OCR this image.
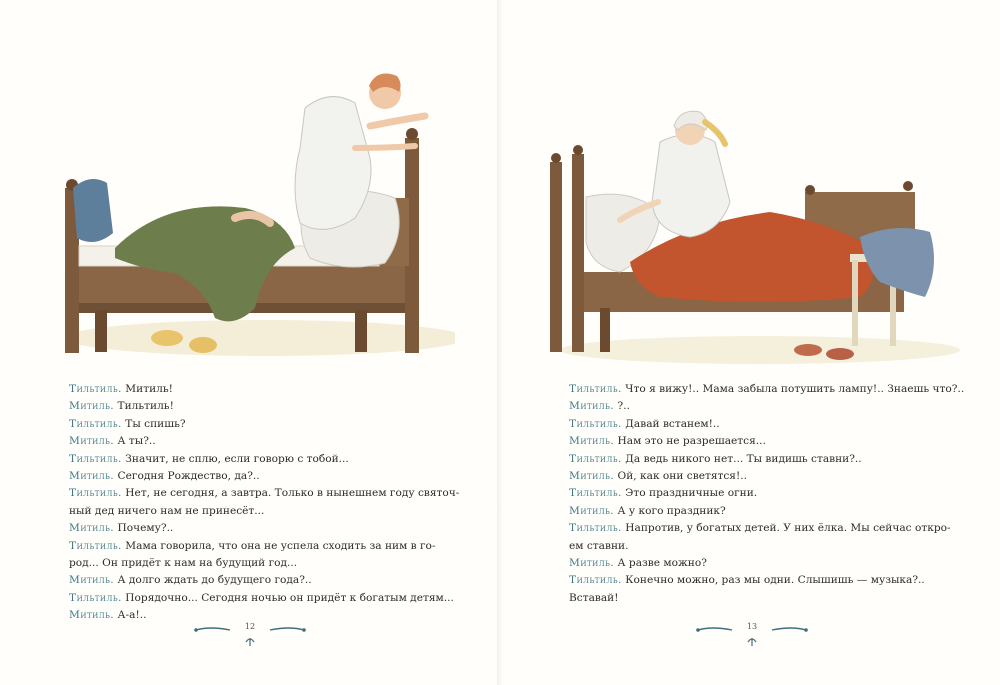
Тильтиль. Митиль!
Митиль. Тильтиль!
Тильтиль. Ты спишь?
Митиль. А ты?..
Тильтиль. Значит, не сплю, если говорю с тобой...
Митиль. Сегодня Рождество, да?..
Тильтиль. Нет, не сегодня, а завтра. Только в нынешнем году святоч-
ный дед ничего нам не принесёт...
Митиль. Почему?..
Тильтиль. Мама говорила, что она не успела сходить за ним в го-
род... Он придёт к нам на будущий год...
Митиль. А долго ждать до будущего года?..
Тильтиль. Порядочно... Сегодня ночью он придёт к богатым детям...
Митиль. А-а!..
12
Тильтиль. Что я вижу!.. Мама забыла потушить лампу!.. Знаешь что?..
Митиль. ?..
Тильтиль. Давай встанем!..
Митиль. Нам это не разрешается...
Тильтиль. Да ведь никого нет... Ты видишь ставни?..
Митиль. Ой, как они светятся!..
Тильтиль. Это праздничные огни.
Митиль. А у кого праздник?
Тильтиль. Напротив, у богатых детей. У них ёлка. Мы сейчас откро-
ем ставни.
Митиль. А разве можно?
Тильтиль. Конечно можно, раз мы одни. Слышишь — музыка?..
Вставай!
13
